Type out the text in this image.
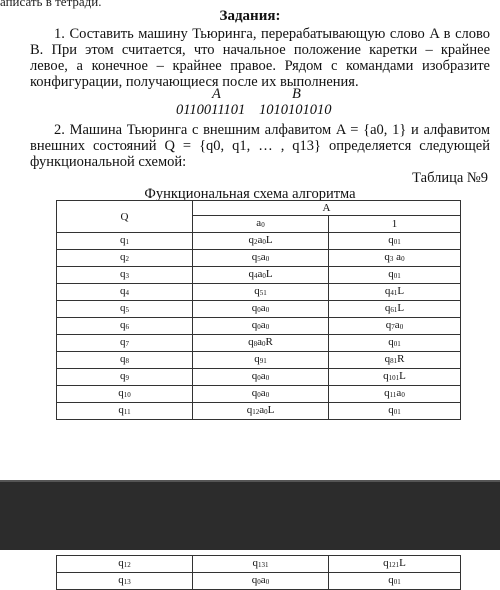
аписать в тетради.
Задания:
1. Составить машину Тьюринга, перерабатывающую слово A в слово B. При этом считается, что начальное положение каретки – крайнее левое, а конечное – крайнее правое. Рядом с командами изобразите конфигурации, получающиеся после их выполнения.
A	B
0110011101 1010101010
2. Машина Тьюринга с внешним алфавитом A = {a0, 1} и алфавитом внешних состояний Q = {q0, q1, … , q13} определяется следующей функциональной схемой:
Таблица №9
Функциональная схема алгоритма
Q	A	
	$a_0$	1
$q_1$	$q_2a_0L$	$q_{01}$
$q_2$	$q_5a_0$	$q_3$ $a_0$
$q_3$	$q_4a_0L$	$q_{01}$
$q_4$	$q_{51}$	$q_{41}L$
$q_5$	$q_0a_0$	$q_{61}L$
$q_6$	$q_0a_0$	$q_7a_0$
$q_7$	$q_8a_0R$	$q_{01}$
$q_8$	$q_{91}$	$q_{81}R$
$q_9$	$q_0a_0$	$q_{101}L$
$q_{10}$	$q_0a_0$	$q_{11}a_0$
$q_{11}$	$q_{12}a_0L$	$q_{01}$
$q_{12}$	$q_{131}$	$q_{121}L$
$q_{13}$	$q_0a_0$	$q_{01}$
